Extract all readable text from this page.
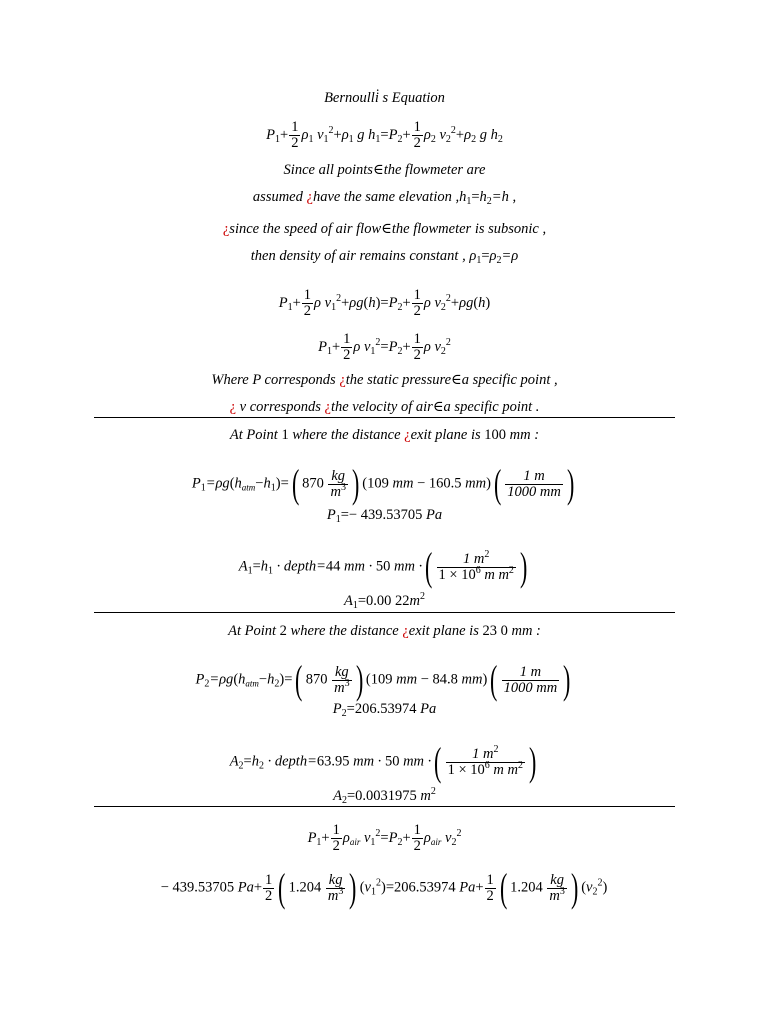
Bernoulli s Equation
$P_1+ \frac{1}{2} \rho_1$ $v_1^2+\rho_1$ g $h_1=P_2+ \frac{1}{2} \rho_2$ $v_2^2+\rho_2$ g $h_2$
Since all points∈the flowmeter are
assumed ¿have the same elevation $,h_1=h_2=h$ ,
¿since the speed of air flow∈the flowmeter is subsonic ,
then density of air remains constant , $\rho_1=\rho_2=\rho$
$P_1+ \frac{1}{2}$ ρ $v_1^2+\rho g(h)=P_2+ \frac{1}{2}$ ρ $v_2^2+\rho g(h)$
$P_1+ \frac{1}{2}$ ρ $v_1^2=P_2+ \frac{1}{2}$ ρ $v_2^2$
Where P corresponds ¿the static pressure∈a specific point ,
¿ v corresponds ¿the velocity of air∈a specific point .
At Point 1 where the distance ¿exit plane is 100 mm :
$P_1=\rho g(h_{atm}-h_1)=$( $870 \frac{kg}{m^3}$ ) (109 mm − 160.5 $mm)( \frac{1 m}{1000 mm}$ )
$P_1=- 439.53705$ Pa
$A_1=h_1$ · depth=44 mm · 50 mm ·( $\frac{1 m^2}{1 \times 10^6 m m^2}$ )
$A_1=0.00$ $22m^2$
At Point 2 where the distance ¿exit plane is 23 0 mm :
$P_2=\rho g(h_{atm}-h_2)=$( $870 \frac{kg}{m^3}$ ) (109 mm − 84.8 $mm)( \frac{1 m}{1000 mm}$ )
$P_2=206.53974$ Pa
$A_2=h_2$ · depth=63.95 mm · 50 mm ·( $\frac{1 m^2}{1 \times 10^6 m m^2}$ )
$A_2=0.0031975$ $m^2$
$P_1+ \frac{1}{2} \rho_{air}$ $v_1^2=P_2+ \frac{1}{2} \rho_{air}$ $v_2^2$
− 439.53705 $Pa+ \frac{1}{2}$ ( $1.204 \frac{kg}{m^3}$ ) $(v_1^2)=206.53974$ $Pa+ \frac{1}{2}$ ( $1.204 \frac{kg}{m^3}$ ) $(v_2^2)$
